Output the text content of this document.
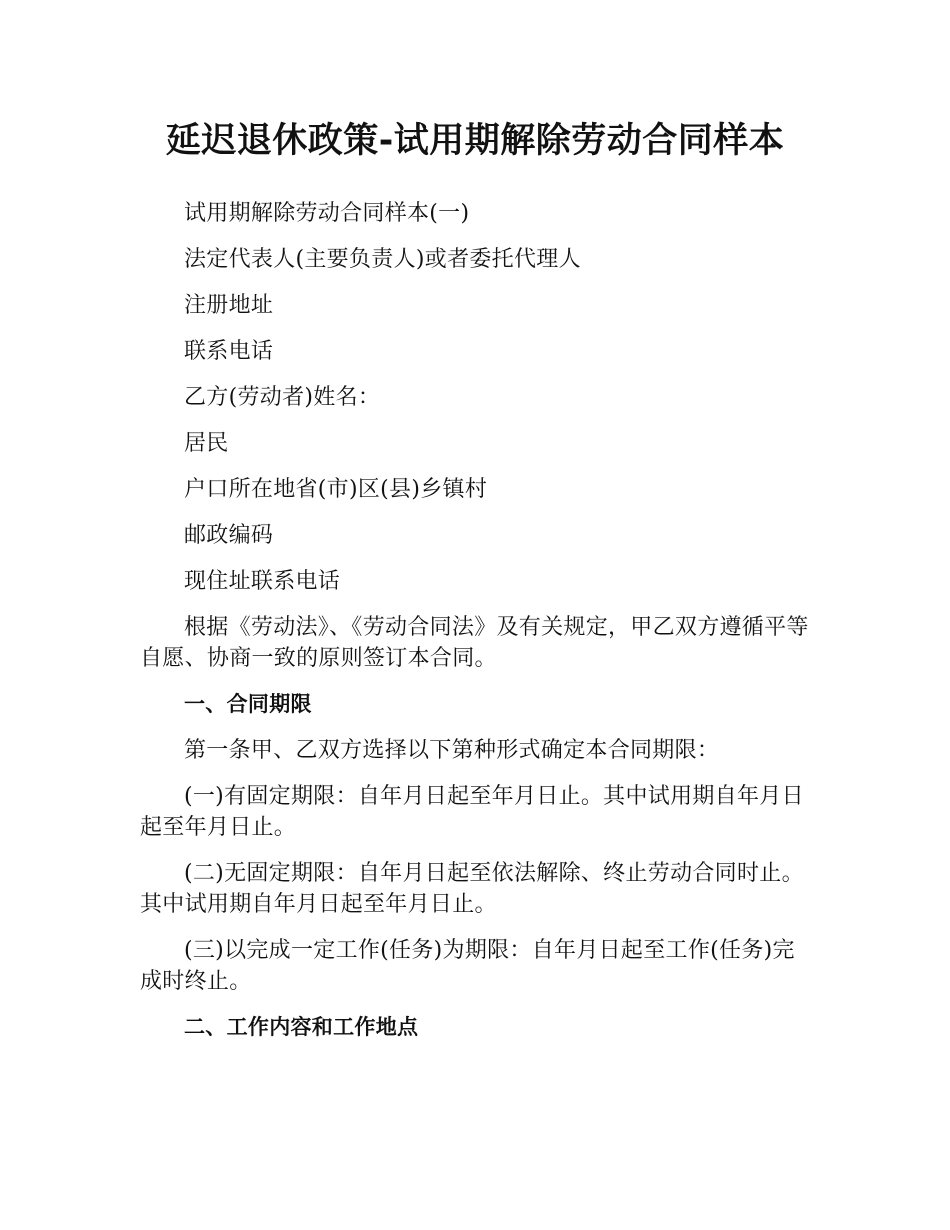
延迟退休政策-试用期解除劳动合同样本

试用期解除劳动合同样本(一)

法定代表人(主要负责人)或者委托代理人

注册地址

联系电话

乙方(劳动者)姓名：

居民

户口所在地省(市)区(县)乡镇村

邮政编码

现住址联系电话

根据《劳动法》、《劳动合同法》及有关规定，甲乙双方遵循平等自愿、协商一致的原则签订本合同。

一、合同期限

第一条甲、乙双方选择以下第种形式确定本合同期限：

(一)有固定期限：自年月日起至年月日止。其中试用期自年月日起至年月日止。

(二)无固定期限：自年月日起至依法解除、终止劳动合同时止。其中试用期自年月日起至年月日止。

(三)以完成一定工作(任务)为期限：自年月日起至工作(任务)完成时终止。

二、工作内容和工作地点
